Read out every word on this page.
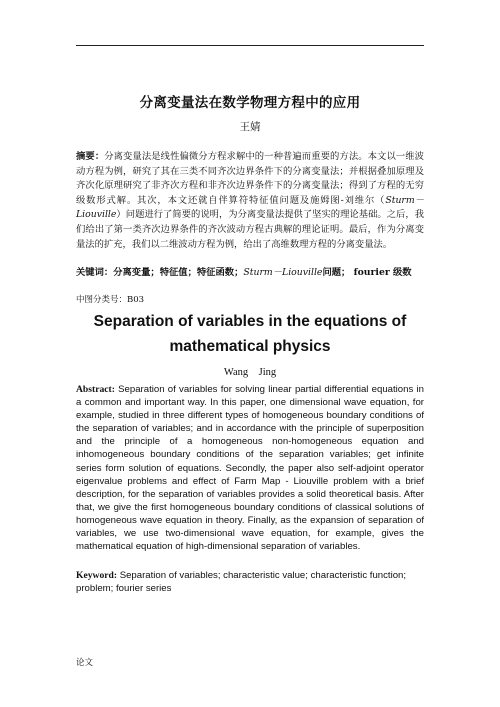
分离变量法在数学物理方程中的应用
王婧
摘要：分离变量法是线性偏微分方程求解中的一种普遍而重要的方法。本文以一维波动方程为例，研究了其在三类不同齐次边界条件下的分离变量法；并根据叠加原理及齐次化原理研究了非齐次方程和非齐次边界条件下的分离变量法；得到了方程的无穷级数形式解。其次，本文还就自伴算符特征值问题及施姆图-刘维尔（Sturm－Liouville）问题进行了简要的说明，为分离变量法提供了坚实的理论基础。之后，我们给出了第一类齐次边界条件的齐次波动方程古典解的理论证明。最后，作为分离变量法的扩充，我们以二维波动方程为例，给出了高维数理方程的分离变量法。
关键词：分离变量；特征值；特征函数；Sturm－Liouville问题； fourier 级数
中图分类号：B03
Separation of variables in the equations of
mathematical physics
Wang　Jing
Abstract: Separation of variables for solving linear partial differential equations in a common and important way. In this paper, one dimensional wave equation, for example, studied in three different types of homogeneous boundary conditions of the separation of variables; and in accordance with the principle of superposition and the principle of a homogeneous non-homogeneous equation and inhomogeneous boundary conditions of the separation variables; get infinite series form solution of equations. Secondly, the paper also self-adjoint operator eigenvalue problems and effect of Farm Map - Liouville problem with a brief description, for the separation of variables provides a solid theoretical basis. After that, we give the first homogeneous boundary conditions of classical solutions of homogeneous wave equation in theory. Finally, as the expansion of separation of variables, we use two-dimensional wave equation, for example, gives the mathematical equation of high-dimensional separation of variables.
Keyword: Separation of variables; characteristic value; characteristic function; problem; fourier series
论文
